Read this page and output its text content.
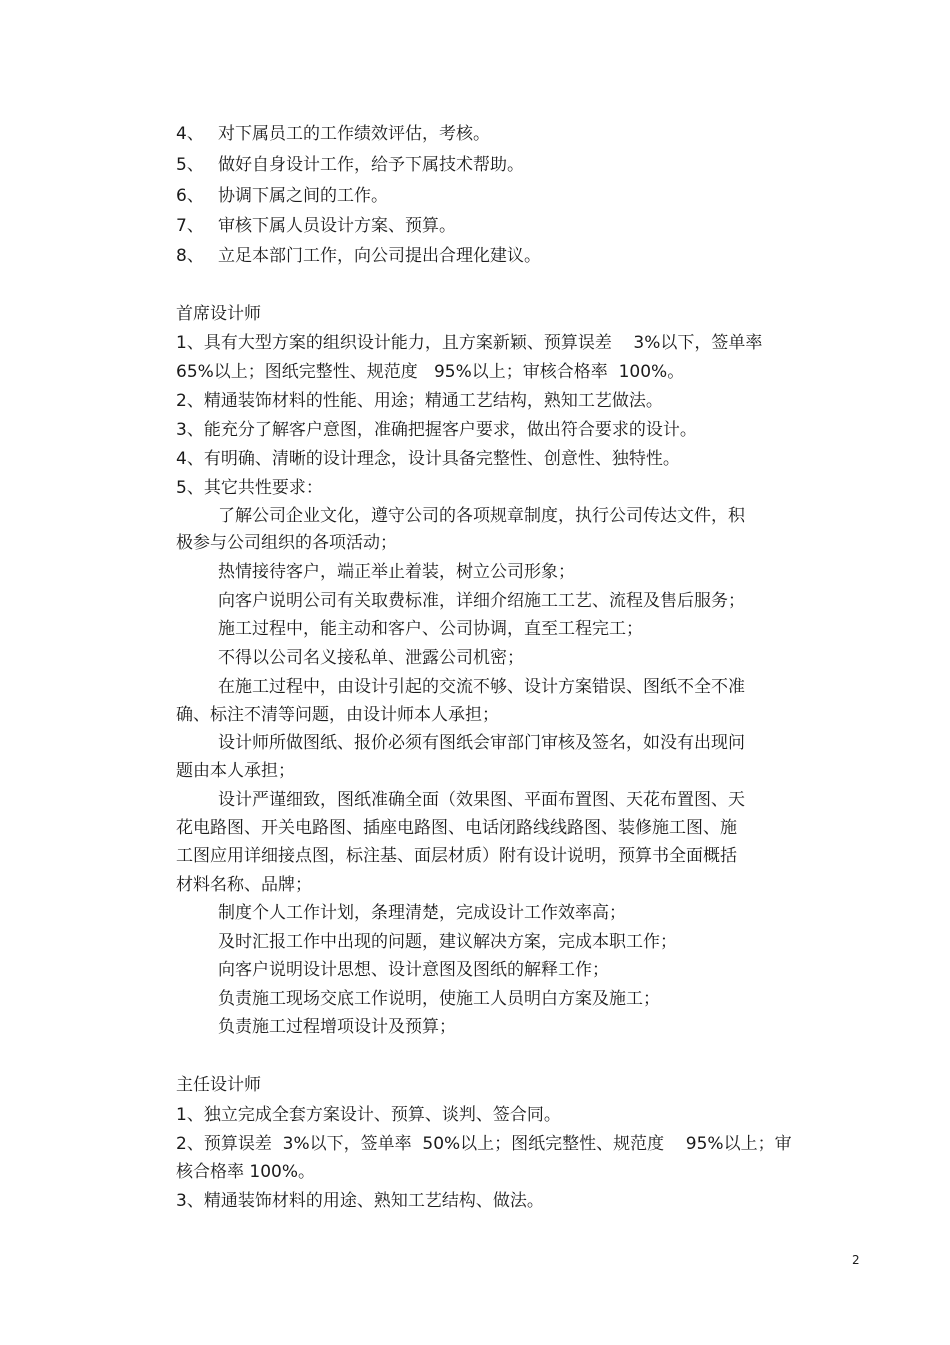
4、 对下属员工的工作绩效评估，考核。
5、 做好自身设计工作，给予下属技术帮助。
6、 协调下属之间的工作。
7、 审核下属人员设计方案、预算。
8、 立足本部门工作，向公司提出合理化建议。
首席设计师
1、具有大型方案的组织设计能力，且方案新颖、预算误差    3%以下，签单率
65%以上；图纸完整性、规范度   95%以上；审核合格率  100%。
2、精通装饰材料的性能、用途；精通工艺结构，熟知工艺做法。
3、能充分了解客户意图，准确把握客户要求，做出符合要求的设计。
4、有明确、清晰的设计理念，设计具备完整性、创意性、独特性。
5、其它共性要求：
了解公司企业文化，遵守公司的各项规章制度，执行公司传达文件，积
极参与公司组织的各项活动；
热情接待客户，端正举止着装，树立公司形象；
向客户说明公司有关取费标准，详细介绍施工工艺、流程及售后服务；
施工过程中，能主动和客户、公司协调，直至工程完工；
不得以公司名义接私单、泄露公司机密；
在施工过程中，由设计引起的交流不够、设计方案错误、图纸不全不准
确、标注不清等问题，由设计师本人承担；
设计师所做图纸、报价必须有图纸会审部门审核及签名，如没有出现问
题由本人承担；
设计严谨细致，图纸准确全面（效果图、平面布置图、天花布置图、天
花电路图、开关电路图、插座电路图、电话闭路线线路图、装修施工图、施
工图应用详细接点图，标注基、面层材质）附有设计说明，预算书全面概括
材料名称、品牌；
制度个人工作计划，条理清楚，完成设计工作效率高；
及时汇报工作中出现的问题，建议解决方案，完成本职工作；
向客户说明设计思想、设计意图及图纸的解释工作；
负责施工现场交底工作说明，使施工人员明白方案及施工；
负责施工过程增项设计及预算；
主任设计师
1、独立完成全套方案设计、预算、谈判、签合同。
2、预算误差  3%以下，签单率  50%以上；图纸完整性、规范度    95%以上；审
核合格率 100%。
3、精通装饰材料的用途、熟知工艺结构、做法。
2
